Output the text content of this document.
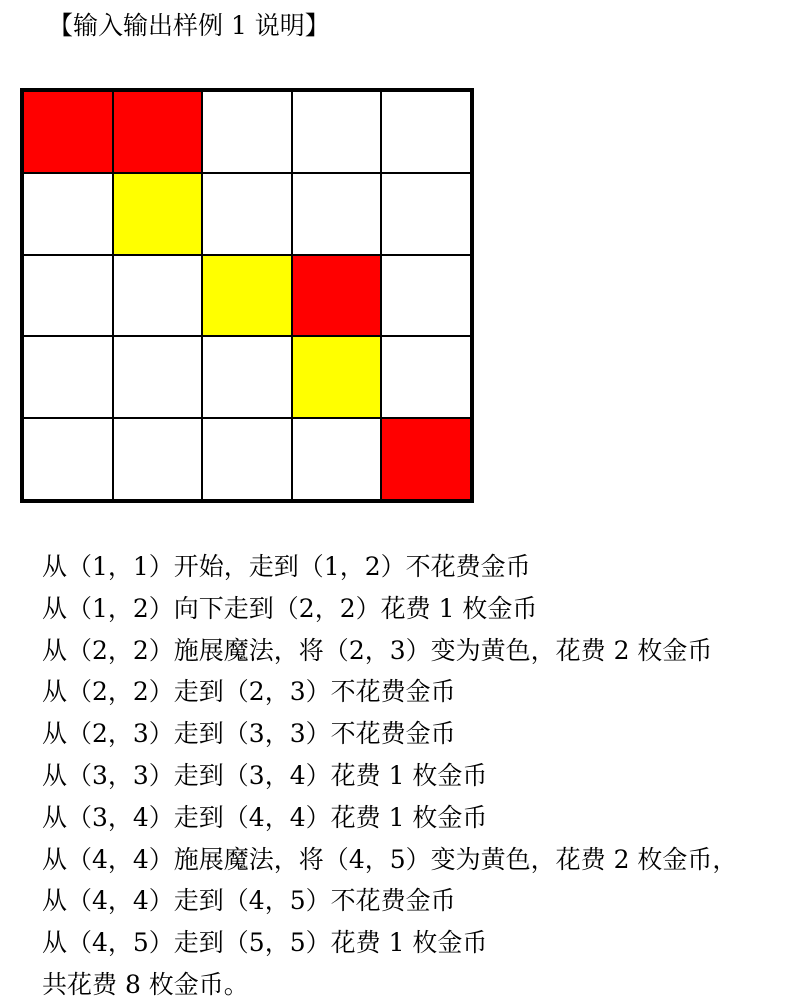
【输入输出样例 1 说明】
从（1，1）开始，走到（1，2）不花费金币
从（1，2）向下走到（2，2）花费 1 枚金币
从（2，2）施展魔法，将（2，3）变为黄色，花费 2 枚金币
从（2，2）走到（2，3）不花费金币
从（2，3）走到（3，3）不花费金币
从（3，3）走到（3，4）花费 1 枚金币
从（3，4）走到（4，4）花费 1 枚金币
从（4，4）施展魔法，将（4，5）变为黄色，花费 2 枚金币，
从（4，4）走到（4，5）不花费金币
从（4，5）走到（5，5）花费 1 枚金币
共花费 8 枚金币。
